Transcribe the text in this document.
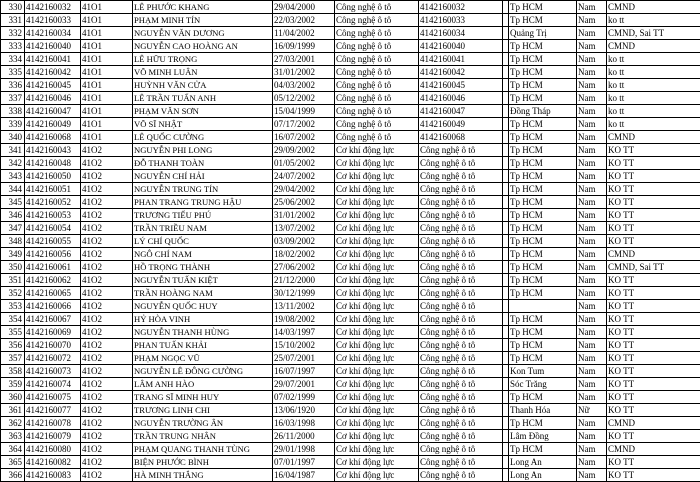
330	4142160032	41O1	LÊ PHƯỚC KHANG	29/04/2000	Công nghệ ô tô	4142160032		Tp HCM	Nam	CMND
331	4142160033	41O1	PHẠM MINH TÍN	22/03/2002	Công nghệ ô tô	4142160033		Tp HCM	Nam	ko tt
332	4142160034	41O1	NGUYỄN VĂN DƯƠNG	11/04/2002	Công nghệ ô tô	4142160034		Quảng Trị	Nam	CMND, Sai TT
333	4142160040	41O1	NGUYỄN CAO HOÀNG AN	16/09/1999	Công nghệ ô tô	4142160040		Tp HCM	Nam	CMND
334	4142160041	41O1	LÊ HỮU TRỌNG	27/03/2001	Công nghệ ô tô	4142160041		Tp HCM	Nam	ko tt
335	4142160042	41O1	VÕ MINH LUÂN	31/01/2002	Công nghệ ô tô	4142160042		Tp HCM	Nam	ko tt
336	4142160045	41O1	HUỲNH VĂN CỬA	04/03/2002	Công nghệ ô tô	4142160045		Tp HCM	Nam	ko tt
337	4142160046	41O1	LÊ TRẦN TUẤN ANH	05/12/2002	Công nghệ ô tô	4142160046		Tp HCM	Nam	ko tt
338	4142160047	41O1	PHẠM VĂN SƠN	15/04/1999	Công nghệ ô tô	4142160047		Đồng Tháp	Nam	ko tt
339	4142160049	41O1	VÕ SĨ NHẬT	07/17/2002	Công nghệ ô tô	4142160049		Tp HCM	Nam	ko tt
340	4142160068	41O1	LÊ QUỐC CƯỜNG	16/07/2002	Công nghệ ô tô	4142160068		Tp HCM	Nam	CMND
341	4142160043	41O2	NGUYỄN PHI LONG	29/09/2002	Cơ khí động lực	Công nghệ ô tô		Tp HCM	Nam	KO TT
342	4142160048	41O2	ĐỖ THANH TOÀN	01/05/2002	Cơ khí động lực	Công nghệ ô tô		Tp HCM	Nam	KO TT
343	4142160050	41O2	NGUYỄN CHÍ HẢI	24/07/2002	Cơ khí động lực	Công nghệ ô tô		Tp HCM	Nam	KO TT
344	4142160051	41O2	NGUYỄN TRUNG TÍN	29/04/2002	Cơ khí động lực	Công nghệ ô tô		Tp HCM	Nam	KO TT
345	4142160052	41O2	PHAN TRANG TRUNG HẬU	25/06/2002	Cơ khí động lực	Công nghệ ô tô		Tp HCM	Nam	KO TT
346	4142160053	41O2	TRƯƠNG TIẾU PHÚ	31/01/2002	Cơ khí động lực	Công nghệ ô tô		Tp HCM	Nam	KO TT
347	4142160054	41O2	TRẦN TRIỀU NAM	13/07/2002	Cơ khí động lực	Công nghệ ô tô		Tp HCM	Nam	KO TT
348	4142160055	41O2	LÝ CHÍ QUỐC	03/09/2002	Cơ khí động lực	Công nghệ ô tô		Tp HCM	Nam	KO TT
349	4142160056	41O2	NGÔ CHÍ NAM	18/02/2002	Cơ khí động lực	Công nghệ ô tô		Tp HCM	Nam	CMND
350	4142160061	41O2	HỒ TRỌNG THÀNH	27/06/2002	Cơ khí động lực	Công nghệ ô tô		Tp HCM	Nam	CMND, Sai TT
351	4142160062	41O2	NGUYỄN TUẤN KIỆT	21/12/2000	Cơ khí động lực	Công nghệ ô tô		Tp HCM	Nam	KO TT
352	4142160065	41O2	TRẦN HOÀNG NAM	30/12/1999	Cơ khí động lực	Công nghệ ô tô		Tp HCM	Nam	KO TT
353	4142160066	41O2	NGUYỄN QUỐC HUY	13/11/2002	Cơ khí động lực	Công nghệ ô tô			Nam	KO TT
354	4142160067	41O2	HỶ HÒA VINH	19/08/2002	Cơ khí động lực	Công nghệ ô tô		Tp HCM	Nam	KO TT
355	4142160069	41O2	NGUYỄN THANH HÙNG	14/03/1997	Cơ khí động lực	Công nghệ ô tô		Tp HCM	Nam	KO TT
356	4142160070	41O2	PHAN TUẤN KHẢI	15/10/2002	Cơ khí động lực	Công nghệ ô tô		Tp HCM	Nam	KO TT
357	4142160072	41O2	PHẠM NGỌC VŨ	25/07/2001	Cơ khí động lực	Công nghệ ô tô		Tp HCM	Nam	KO TT
358	4142160073	41O2	NGUYỄN LÊ ĐÔNG CƯỜNG	16/07/1997	Cơ khí động lực	Công nghệ ô tô		Kon Tum	Nam	KO TT
359	4142160074	41O2	LÂM ANH HÀO	29/07/2001	Cơ khí động lực	Công nghệ ô tô		Sóc Trăng	Nam	KO TT
360	4142160075	41O2	TRANG SĨ MINH HUY	07/02/1999	Cơ khí động lực	Công nghệ ô tô		Tp HCM	Nam	KO TT
361	4142160077	41O2	TRƯƠNG LINH CHI	13/06/1920	Cơ khí động lực	Công nghệ ô tô		Thanh Hóa	Nữ	KO TT
362	4142160078	41O2	NGUYỄN TRƯỜNG ÂN	16/03/1998	Cơ khí động lực	Công nghệ ô tô		Tp HCM	Nam	CMND
363	4142160079	41O2	TRẦN TRUNG NHÂN	26/11/2000	Cơ khí động lực	Công nghệ ô tô		Lâm Đồng	Nam	KO TT
364	4142160080	41O2	PHẠM QUANG THANH TÙNG	29/01/1998	Cơ khí động lực	Công nghệ ô tô		Tp HCM	Nam	CMND
365	4142160082	41O2	BIỆN PHƯỚC BÌNH	07/01/1997	Cơ khí động lực	Công nghệ ô tô		Long An	Nam	KO TT
366	4142160083	41O2	HÀ MINH THẮNG	16/04/1987	Cơ khí động lực	Công nghệ ô tô		Long An	Nam	KO TT
